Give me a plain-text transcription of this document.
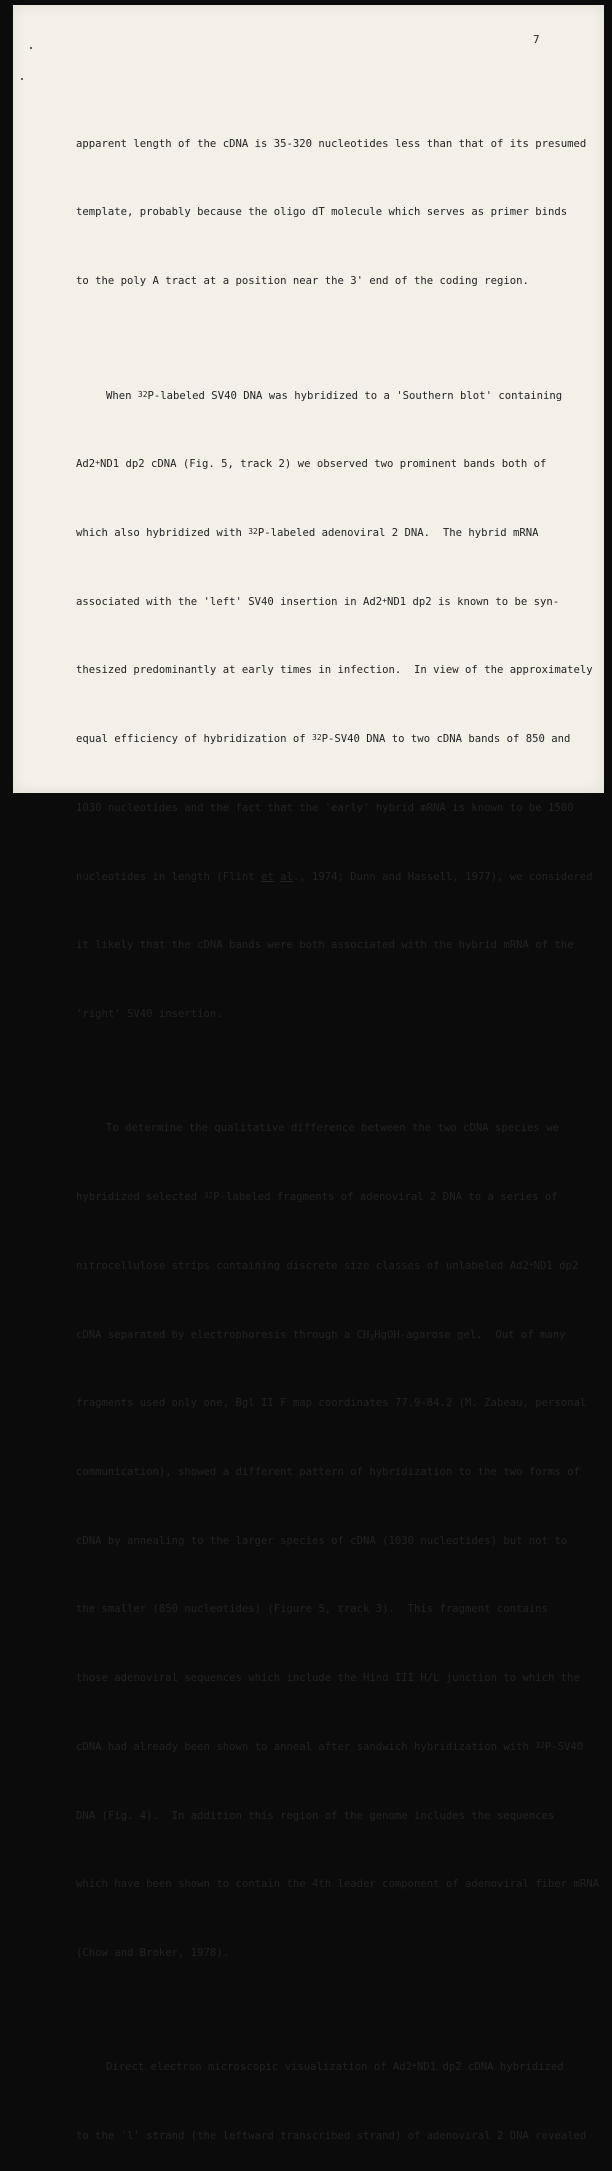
7

apparent length of the cDNA is 35-320 nucleotides less than that of its presumed

template, probably because the oligo dT molecule which serves as primer binds

to the poly A tract at a position near the 3' end of the coding region.

When $^{32}$P-labeled SV40 DNA was hybridized to a 'Southern blot' containing

Ad2+ND1 dp2 cDNA (Fig. 5, track 2) we observed two prominent bands both of

which also hybridized with $^{32}$P-labeled adenoviral 2 DNA.  The hybrid mRNA

associated with the 'left' SV40 insertion in Ad2+ND1 dp2 is known to be syn-

thesized predominantly at early times in infection.  In view of the approximately

equal efficiency of hybridization of $^{32}$P-SV40 DNA to two cDNA bands of 850 and

1030 nucleotides and the fact that the 'early' hybrid mRNA is known to be 1500

nucleotides in length (Flint et al., 1974; Dunn and Hassell, 1977), we considered

it likely that the cDNA bands were both associated with the hybrid mRNA of the

'right' SV40 insertion.

To determine the qualitative difference between the two cDNA species we

hybridized selected $^{32}$P-labeled fragments of adenoviral 2 DNA to a series of

nitrocellulose strips containing discrete size classes of unlabeled Ad2+ND1 dp2

cDNA separated by electrophoresis through a $CH_3HgOH$-agarose gel.  Out of many

fragments used only one, Bgl II F map coordinates 77.9-84.2 (M. Zabeau, personal

communication), showed a different pattern of hybridization to the two forms of

cDNA by annealing to the larger species of cDNA (1030 nucleotides) but not to

the smaller (850 nucleotides) (Figure 5, track 3).  This fragment contains

those adenoviral sequences which include the Hind III H/L junction to which the

cDNA had already been shown to anneal after sandwich hybridization with $^{32}$P-SV40

DNA (Fig. 4).  In addition this region of the genome includes the sequences

which have been shown to contain the 4th leader component of adenoviral fiber mRNA

(Chow and Broker, 1978).

Direct electron microscopic visualization of Ad2+ND1 dp2 cDNA hybridized

to the 'l' strand (the leftward transcribed strand) of adenoviral 2 DNA revealed
